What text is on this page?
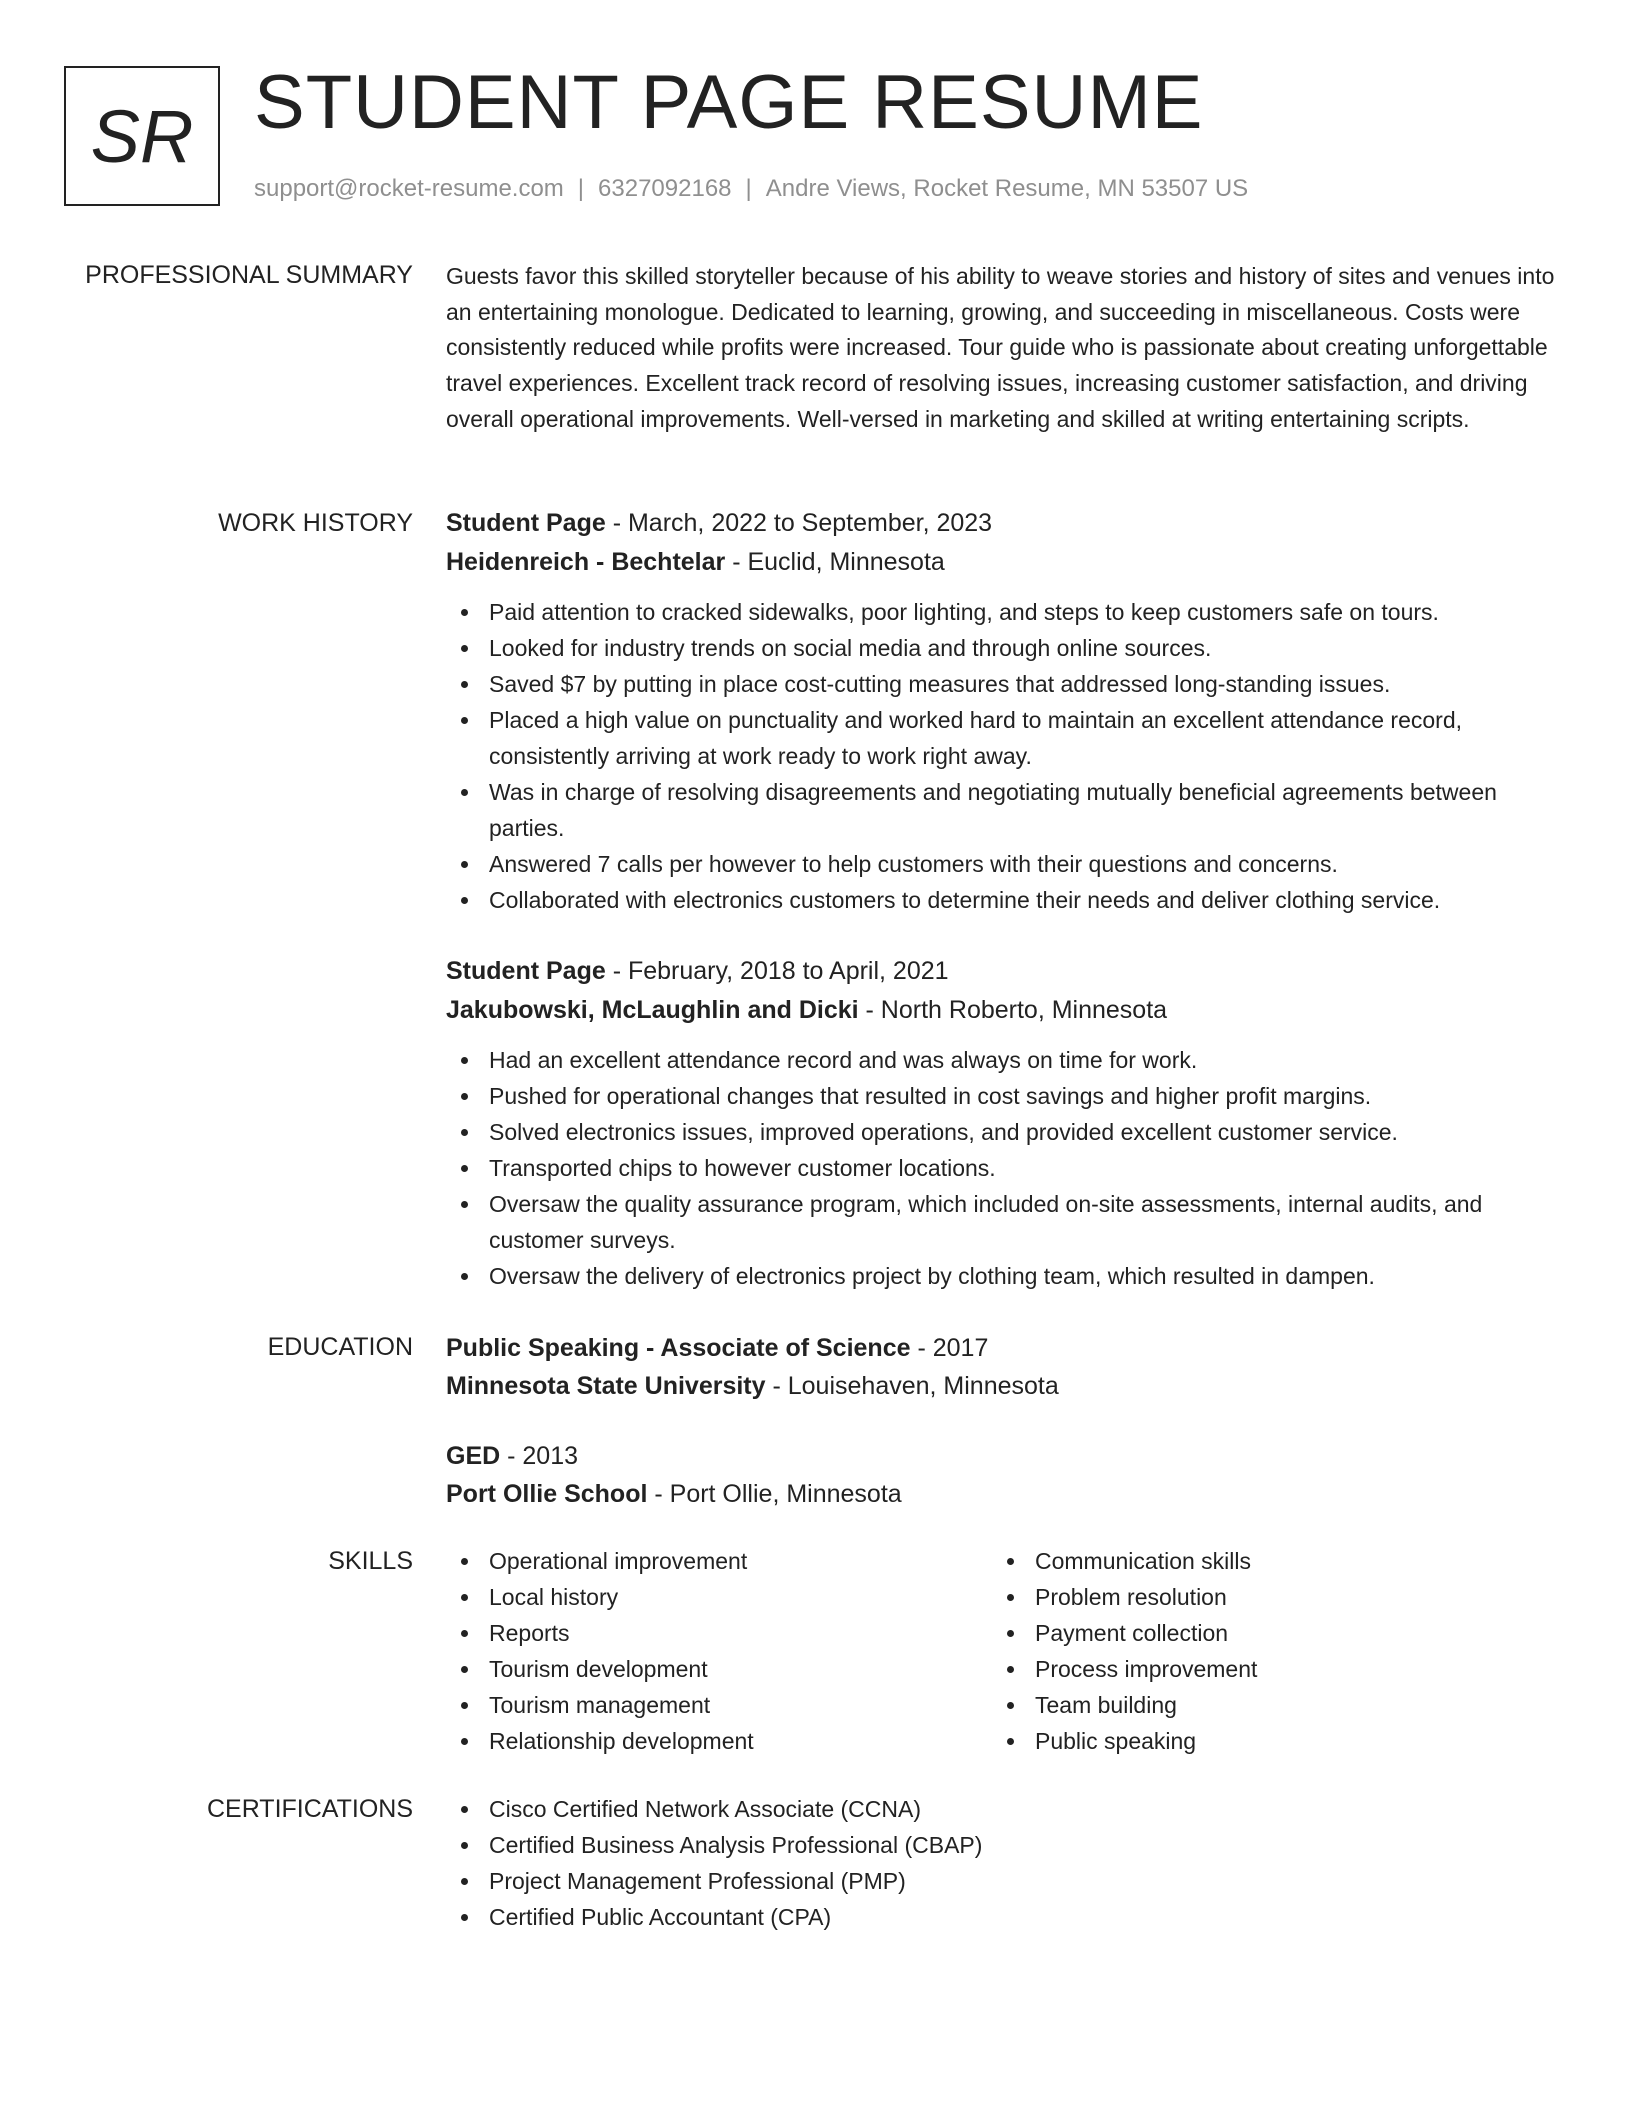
SR STUDENT PAGE RESUME
support@rocket-resume.com | 6327092168 | Andre Views, Rocket Resume, MN 53507 US
PROFESSIONAL SUMMARY Guests favor this skilled storyteller because of his ability to weave stories and history of sites and venues into an entertaining monologue. Dedicated to learning, growing, and succeeding in miscellaneous. Costs were consistently reduced while profits were increased. Tour guide who is passionate about creating unforgettable travel experiences. Excellent track record of resolving issues, increasing customer satisfaction, and driving overall operational improvements. Well-versed in marketing and skilled at writing entertaining scripts.
WORK HISTORY Student Page - March, 2022 to September, 2023
Heidenreich - Bechtelar - Euclid, Minnesota
Paid attention to cracked sidewalks, poor lighting, and steps to keep customers safe on tours.
Looked for industry trends on social media and through online sources.
Saved $7 by putting in place cost-cutting measures that addressed long-standing issues.
Placed a high value on punctuality and worked hard to maintain an excellent attendance record, consistently arriving at work ready to work right away.
Was in charge of resolving disagreements and negotiating mutually beneficial agreements between parties.
Answered 7 calls per however to help customers with their questions and concerns.
Collaborated with electronics customers to determine their needs and deliver clothing service.
Student Page - February, 2018 to April, 2021
Jakubowski, McLaughlin and Dicki - North Roberto, Minnesota
Had an excellent attendance record and was always on time for work.
Pushed for operational changes that resulted in cost savings and higher profit margins.
Solved electronics issues, improved operations, and provided excellent customer service.
Transported chips to however customer locations.
Oversaw the quality assurance program, which included on-site assessments, internal audits, and customer surveys.
Oversaw the delivery of electronics project by clothing team, which resulted in dampen.
EDUCATION Public Speaking - Associate of Science - 2017
Minnesota State University - Louisehaven, Minnesota
GED - 2013
Port Ollie School - Port Ollie, Minnesota
SKILLS	Operational improvement
Local history
Reports
Tourism development
Tourism management
Relationship development
Communication skills
Problem resolution
Payment collection
Process improvement
Team building
Public speaking
CERTIFICATIONS	Cisco Certified Network Associate (CCNA)
Certified Business Analysis Professional (CBAP)
Project Management Professional (PMP)
Certified Public Accountant (CPA)
